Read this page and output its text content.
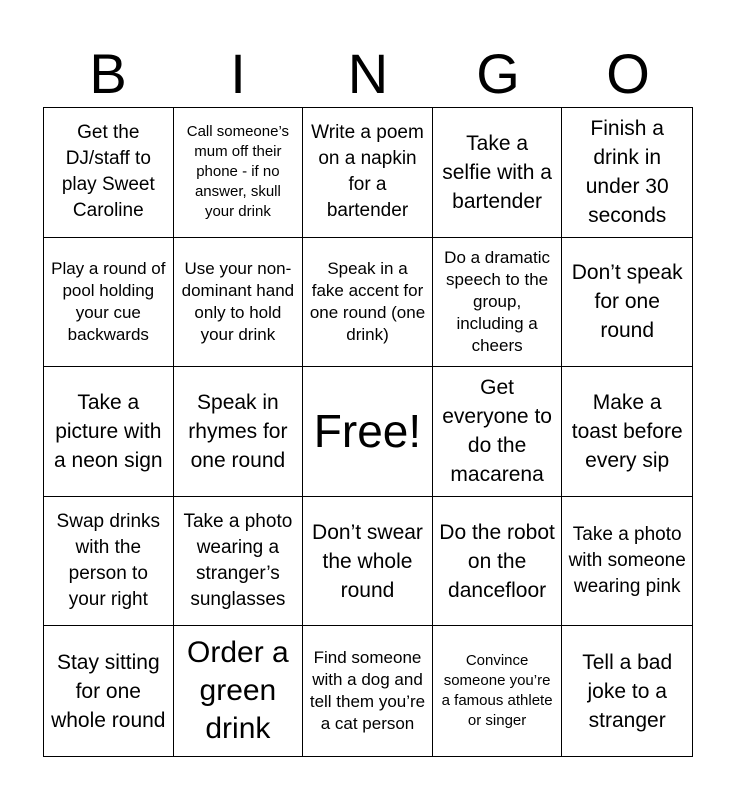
B	I	N	G	O
Get the DJ/staff to play Sweet Caroline
Call someone’s mum off their phone - if no answer, skull your drink
Write a poem on a napkin for a bartender
Take a selfie with a bartender
Finish a drink in under 30 seconds
Play a round of pool holding your cue backwards
Use your non-dominant hand only to hold your drink
Speak in a fake accent for one round (one drink)
Do a dramatic speech to the group, including a cheers
Don’t speak for one round
Take a picture with a neon sign
Speak in rhymes for one round
Free!
Get everyone to do the macarena
Make a toast before every sip
Swap drinks with the person to your right
Take a photo wearing a stranger’s sunglasses
Don’t swear the whole round
Do the robot on the dancefloor
Take a photo with someone wearing pink
Stay sitting for one whole round
Order a green drink
Find someone with a dog and tell them you’re a cat person
Convince someone you’re a famous athlete or singer
Tell a bad joke to a stranger
